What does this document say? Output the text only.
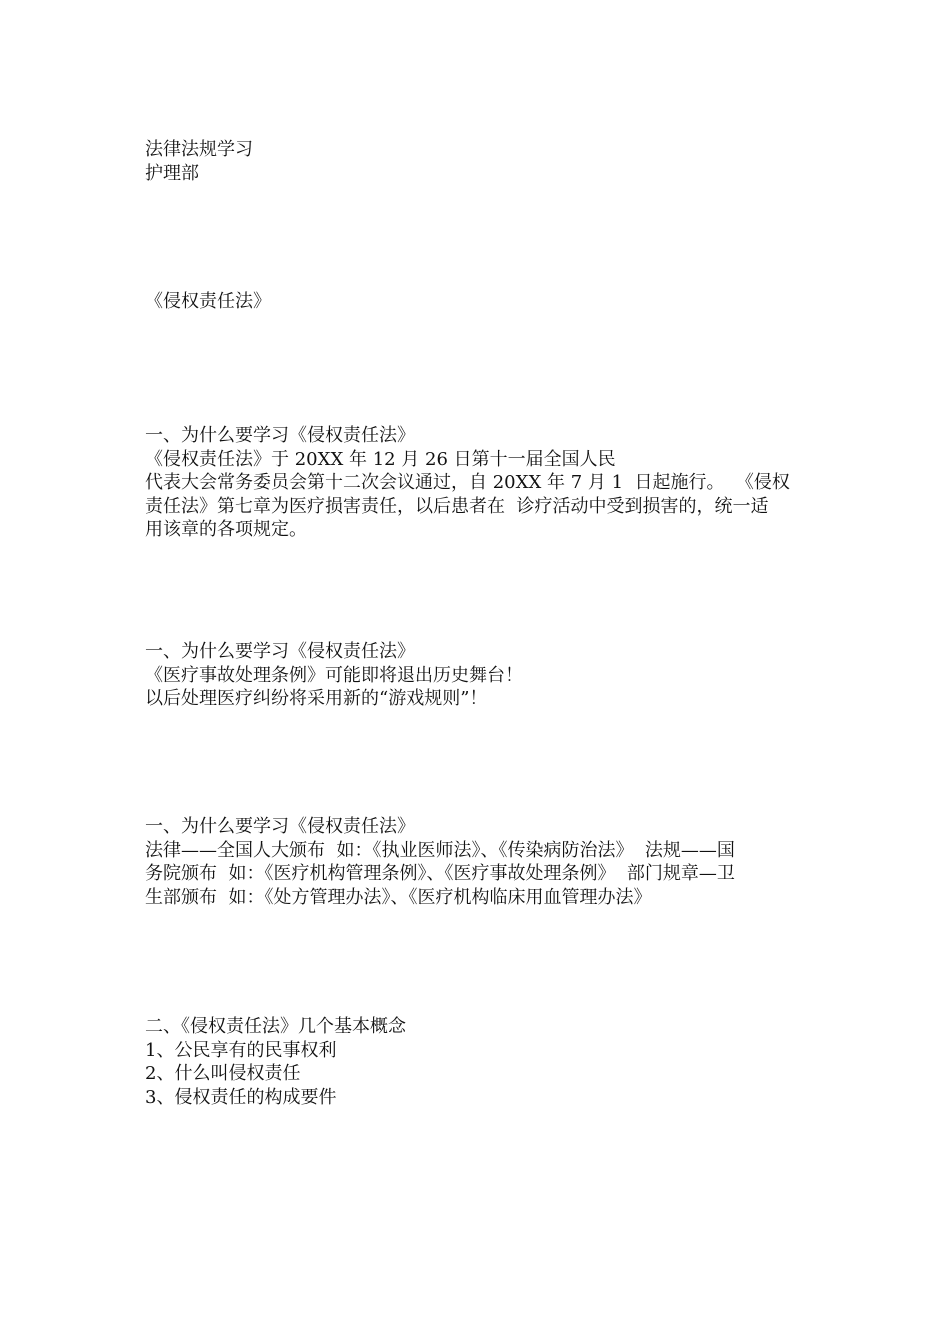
法律法规学习
护理部
《侵权责任法》
一、为什么要学习《侵权责任法》
《侵权责任法》于 20XX 年 12 月 26 日第十一届全国人民
代表大会常务委员会第十二次会议通过，自 20XX 年 7 月 1  日起施行。  《侵权
责任法》第七章为医疗损害责任，以后患者在  诊疗活动中受到损害的，统一适
用该章的各项规定。
一、为什么要学习《侵权责任法》
《医疗事故处理条例》可能即将退出历史舞台！
以后处理医疗纠纷将采用新的“游戏规则”！
一、为什么要学习《侵权责任法》
法律——全国人大颁布  如：《执业医师法》、《传染病防治法》  法规——国
务院颁布  如：《医疗机构管理条例》、《医疗事故处理条例》  部门规章—卫
生部颁布  如：《处方管理办法》、《医疗机构临床用血管理办法》
二、《侵权责任法》几个基本概念
1、公民享有的民事权利
2、什么叫侵权责任
3、侵权责任的构成要件
